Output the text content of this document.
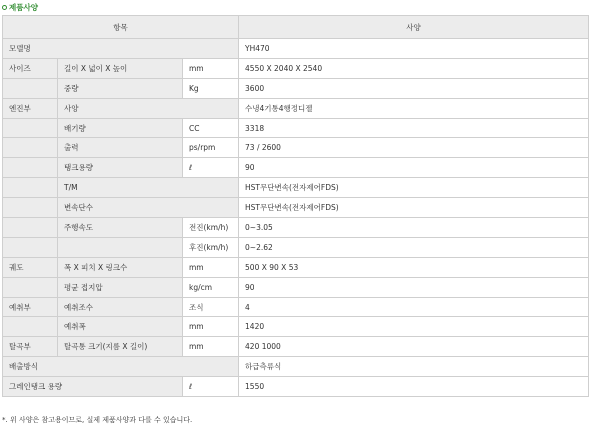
제품사양
항목			사양
모델명			YH470
사이즈	길이 X 넓이 X 높이	mm	4550 X 2040 X 2540
	중량	Kg	3600
엔진부	사양		수냉4기통4행정디젤
	배기량	CC	3318
	출력	ps/rpm	73 / 2600
	탱크용량	ℓ	90
	T/M		HST무단변속(전자제어FDS)
	변속단수		HST무단변속(전자제어FDS)
	주행속도	전진(km/h)	0~3.05
		후진(km/h)	0~2.62
궤도	폭 X 피치 X 링크수	mm	500 X 90 X 53
	평균 접지압	kg/cm	90
예취부	예취조수	조식	4
	예취폭	mm	1420
탈곡부	탈곡통 크기(지름 X 길이)	mm	420 1000
배출방식			하급측류식
그레인탱크 용량		ℓ	1550
*. 위 사양은 참고용이므로, 실제 제품사양과 다를 수 있습니다.
